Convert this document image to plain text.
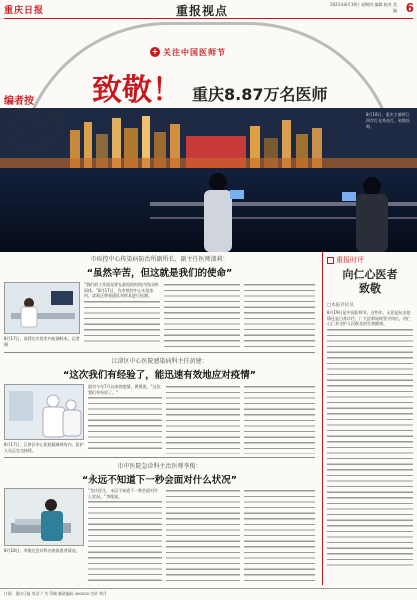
重庆日报	重报视点	2021年8月19日 星期四 编辑 校对 美编 6
+ 关注中国医师节
致敬！ 重庆8.87万名医师
8月18日，重庆主城两江四岸灯光秀亮灯，致敬医师。
编者按
8月19日是第四个中国医师节。回顾过去一年，广大医师奋战在抗疫一线，守护群众健康。截至目前，重庆共有执业（助理）医师8.87万人，每千人口医师数达2.77人。今天，本报推出系列报道，致敬这群守护生命的人。
市疾控中心传染病防治所副所长、副主任医师漆莉：
“虽然辛苦，但这就是我们的使命”
8月17日，漆莉在实验室内检测样本。记者 摄
“我们的工作就是要在最短的时间内找出病原体。”8月17日，在市疾控中心实验室内，漆莉正带领团队对样本进行检测。
江津区中心医院感染病科主任黄建：
“这次我们有经验了，能迅速有效地应对疫情”
8月17日，江津区中心医院隔离病房内，医护人员正在交接班。
面对今年7月以来的疫情，黄建说，“这次我们有经验了。”
市中医院急诊科主治医师李俊：
“永远不知道下一秒会面对什么状况”
8月18日，李俊在急诊科内查看患者情况。
“急诊医生，永远不知道下一秒会面对什么状况。”李俊说。
重报时评
向仁心医者
致敬
□本报评论员
8月19日是中国医师节。这些年，无论是抗击疫情还是日常诊疗，广大医师始终坚守岗位，用仁心仁术守护人民群众的生命健康。
订阅：重庆日报 电话 广告 印刷 邮政编码 400000 定价 每月
